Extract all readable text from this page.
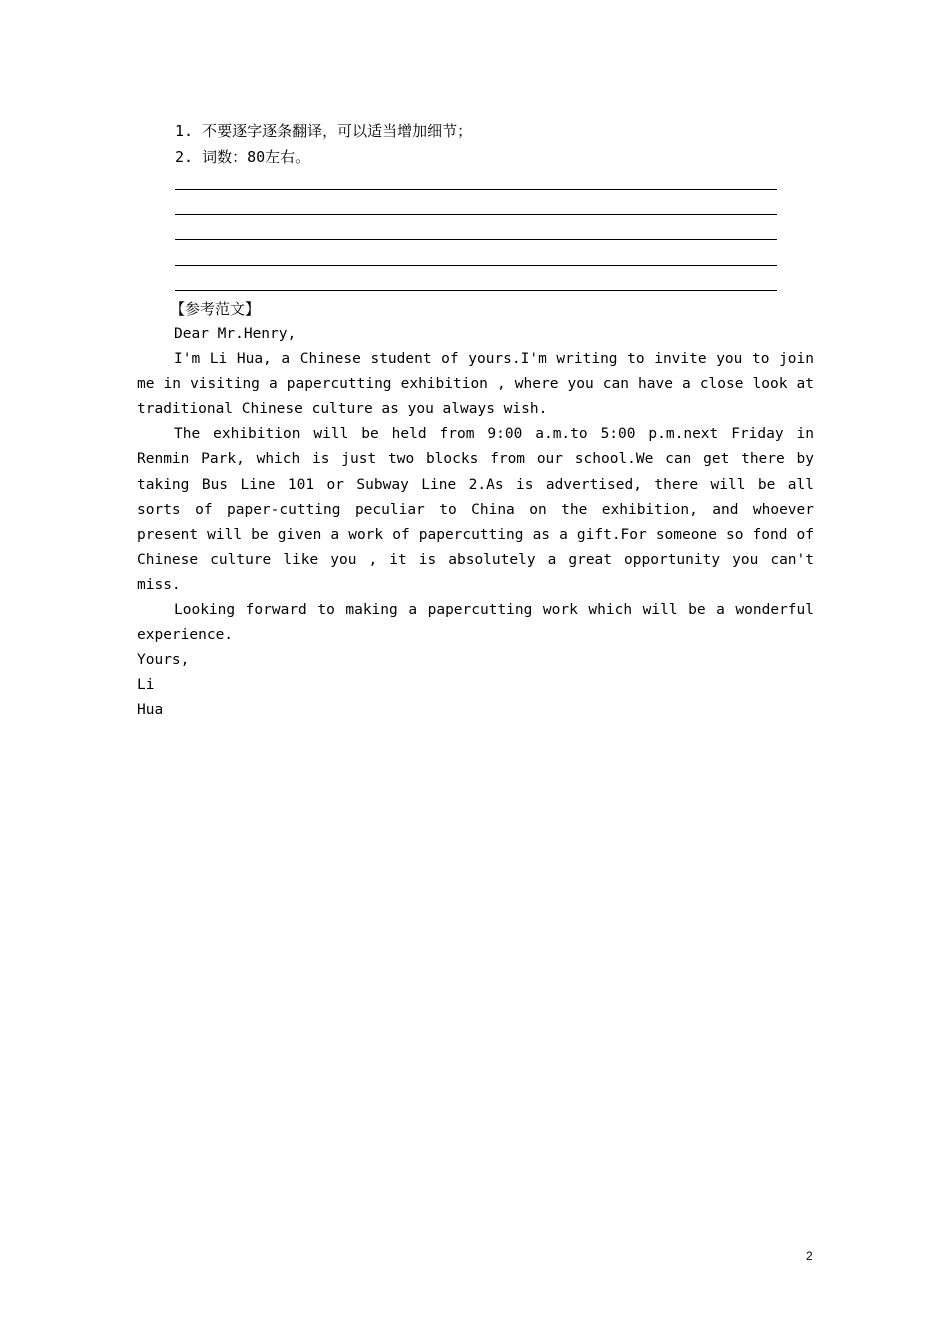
1. 不要逐字逐条翻译，可以适当增加细节；
2. 词数：80左右。
【参考范文】

Dear Mr.Henry,

I'm Li Hua, a Chinese student of yours.I'm writing to invite you to join me in visiting a papercutting exhibition , where you can have a close look at traditional Chinese culture as you always wish.

The exhibition will be held from 9:00 a.m.to 5:00 p.m.next Friday in Renmin Park, which is just two blocks from our school.We can get there by taking Bus Line 101 or Subway Line 2.As is advertised, there will be all sorts of paper-cutting peculiar to China on the exhibition, and whoever present will be given a work of papercutting as a gift.For someone so fond of Chinese culture like you , it is absolutely a great opportunity you can't miss.

Looking forward to making a papercutting work which will be a wonderful experience.

Yours,

Li Hua

2
